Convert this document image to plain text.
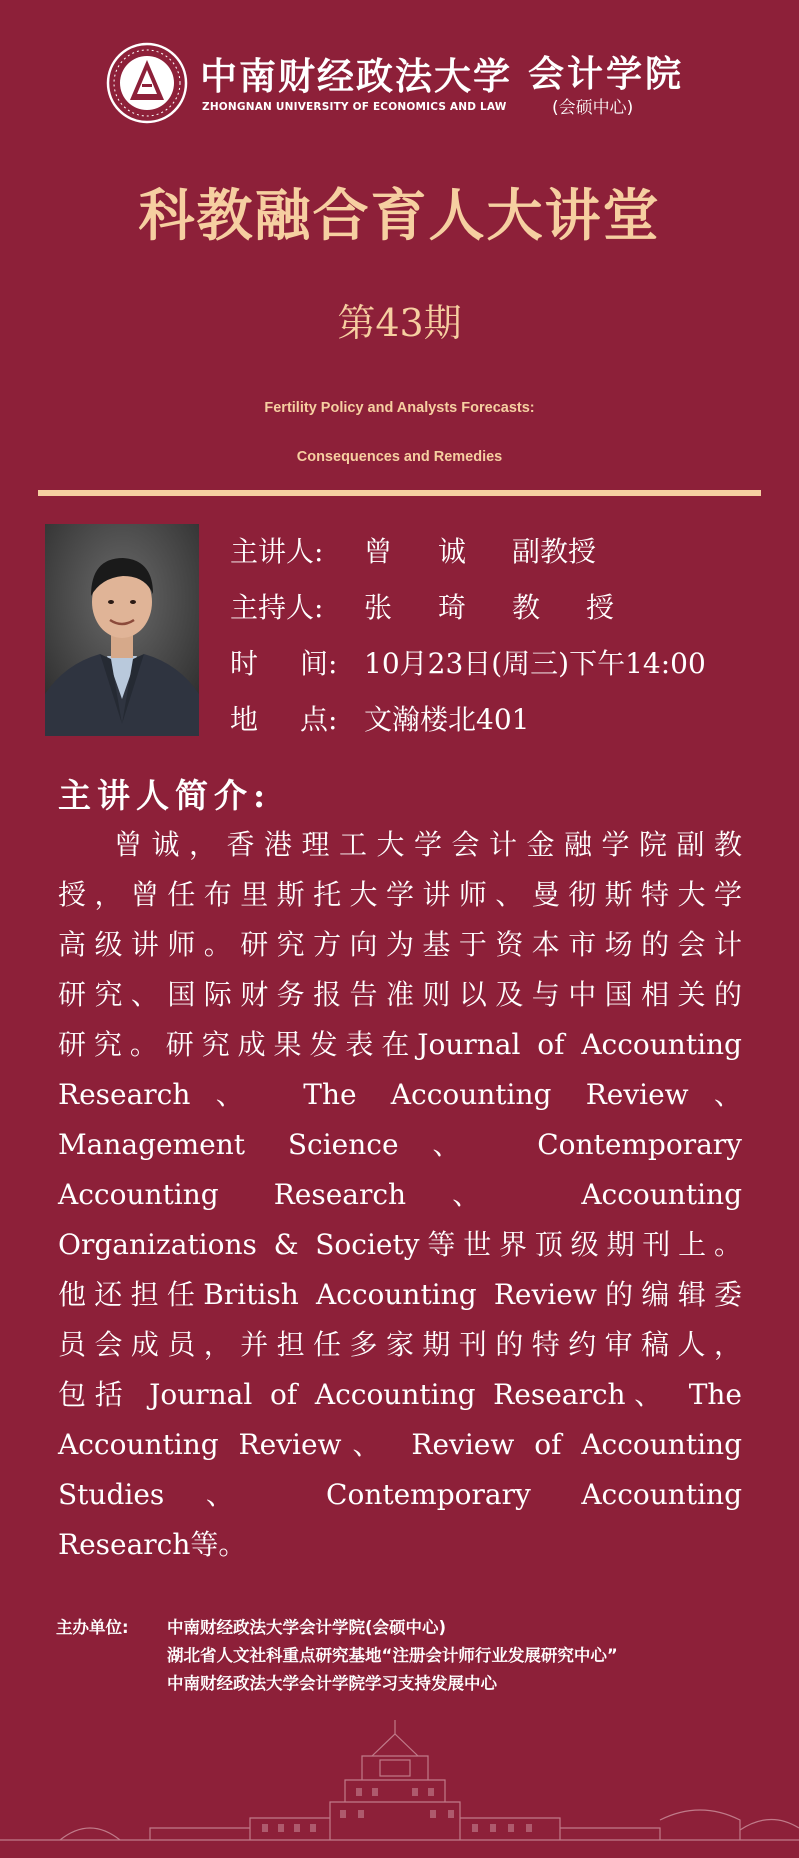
中南财经政法大学
ZHONGNAN UNIVERSITY OF ECONOMICS AND LAW
会计学院
(会硕中心)
科教融合育人大讲堂
第43期
Fertility Policy and Analysts Forecasts:
Consequences and Remedies
主讲人: 曾 诚 副教授
主持人: 张 琦 教 授
时 间: 10月23日(周三)下午14:00
地 点: 文瀚楼北401
主讲人简介:
曾诚，香港理工大学会计金融学院副教
授，曾任布里斯托大学讲师、曼彻斯特大学
高级讲师。研究方向为基于资本市场的会计
研究、国际财务报告准则以及与中国相关的
研究。研究成果发表在Journal of Accounting
Research、 The Accounting Review、
Management Science、 Contemporary
Accounting Research、 Accounting
Organizations & Society等世界顶级期刊上。
他还担任British Accounting Review的编辑委
员会成员，并担任多家期刊的特约审稿人，
包括 Journal of Accounting Research、 The
Accounting Review、 Review of Accounting
Studies、 Contemporary Accounting
Research等。
主办单位: 中南财经政法大学会计学院(会硕中心)
湖北省人文社科重点研究基地“注册会计师行业发展研究中心”
中南财经政法大学会计学院学习支持发展中心
